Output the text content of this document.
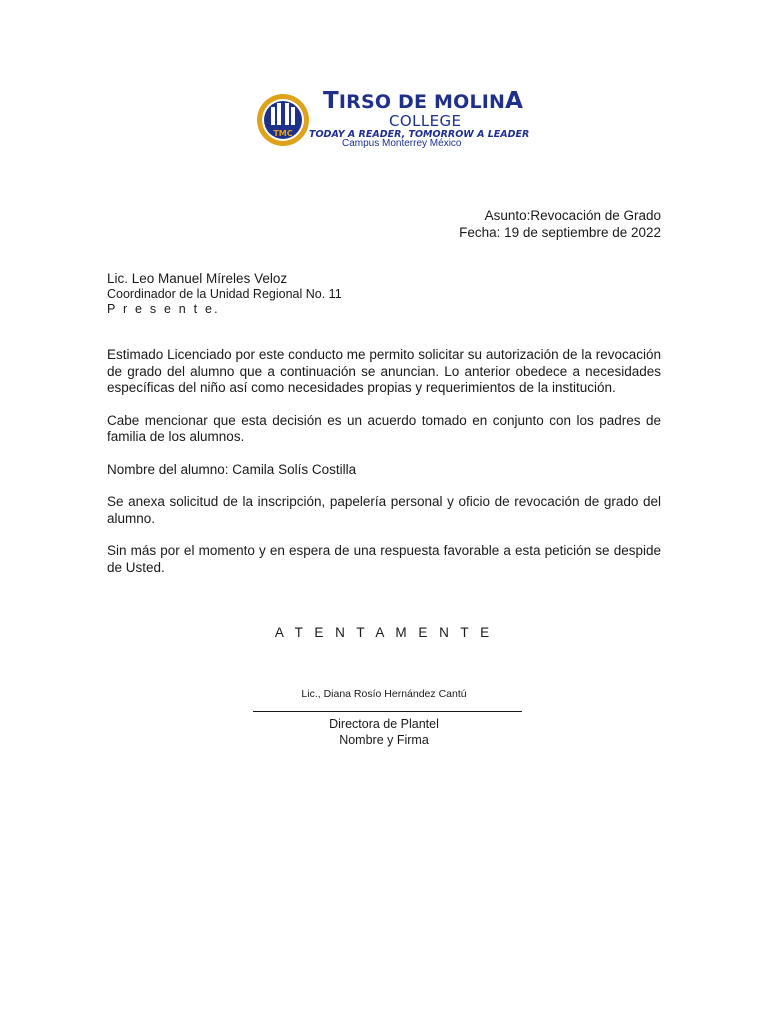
TMC
TIRSO DE MOLINA
COLLEGE
TODAY A READER, TOMORROW A LEADER
Campus Monterrey México
Asunto:Revocación de Grado
Fecha: 19 de septiembre de 2022
Lic. Leo Manuel Míreles Veloz
Coordinador de la Unidad Regional No. 11
P r e s e n t e.

Estimado Licenciado por este conducto me permito solicitar su autorización de la revocación de grado del alumno que a continuación se anuncian. Lo anterior obedece a necesidades específicas del niño así como necesidades propias y requerimientos de la institución.

Cabe mencionar que esta decisión es un acuerdo tomado en conjunto con los padres de familia de los alumnos.

Nombre del alumno: Camila Solís Costilla

Se anexa solicitud de la inscripción, papelería personal y oficio de revocación de grado del alumno.

Sin más por el momento y en espera de una respuesta favorable a esta petición se despide de Usted.

A T E N T A M E N T E
Lic., Diana Rosío Hernández Cantú
Directora de Plantel
Nombre y Firma
